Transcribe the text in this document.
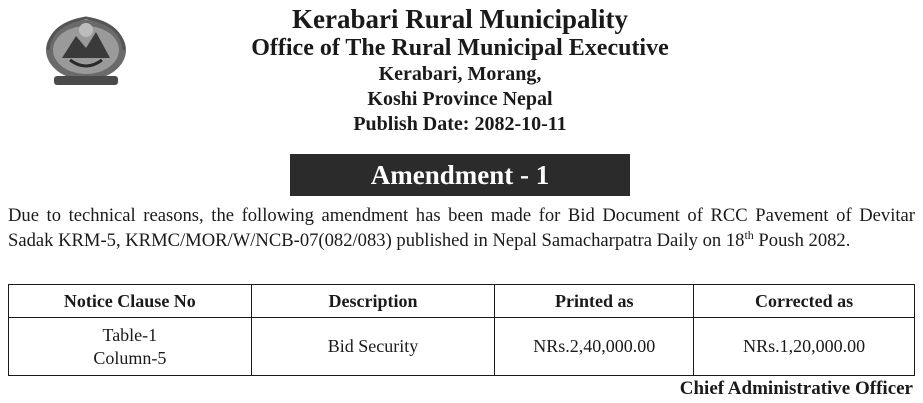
Kerabari Rural Municipality
Office of The Rural Municipal Executive
Kerabari, Morang,
Koshi Province Nepal
Publish Date: 2082-10-11
Amendment - 1

Due to technical reasons, the following amendment has been made for Bid Document of RCC Pavement of Devitar Sadak KRM-5, KRMC/MOR/W/NCB-07(082/083) published in Nepal Samacharpatra Daily on 18th Poush 2082.

Notice Clause No	Description	Printed as	Corrected as

Table-1
Column-5	Bid Security	NRs.2,40,000.00	NRs.1,20,000.00
Chief Administrative Officer
